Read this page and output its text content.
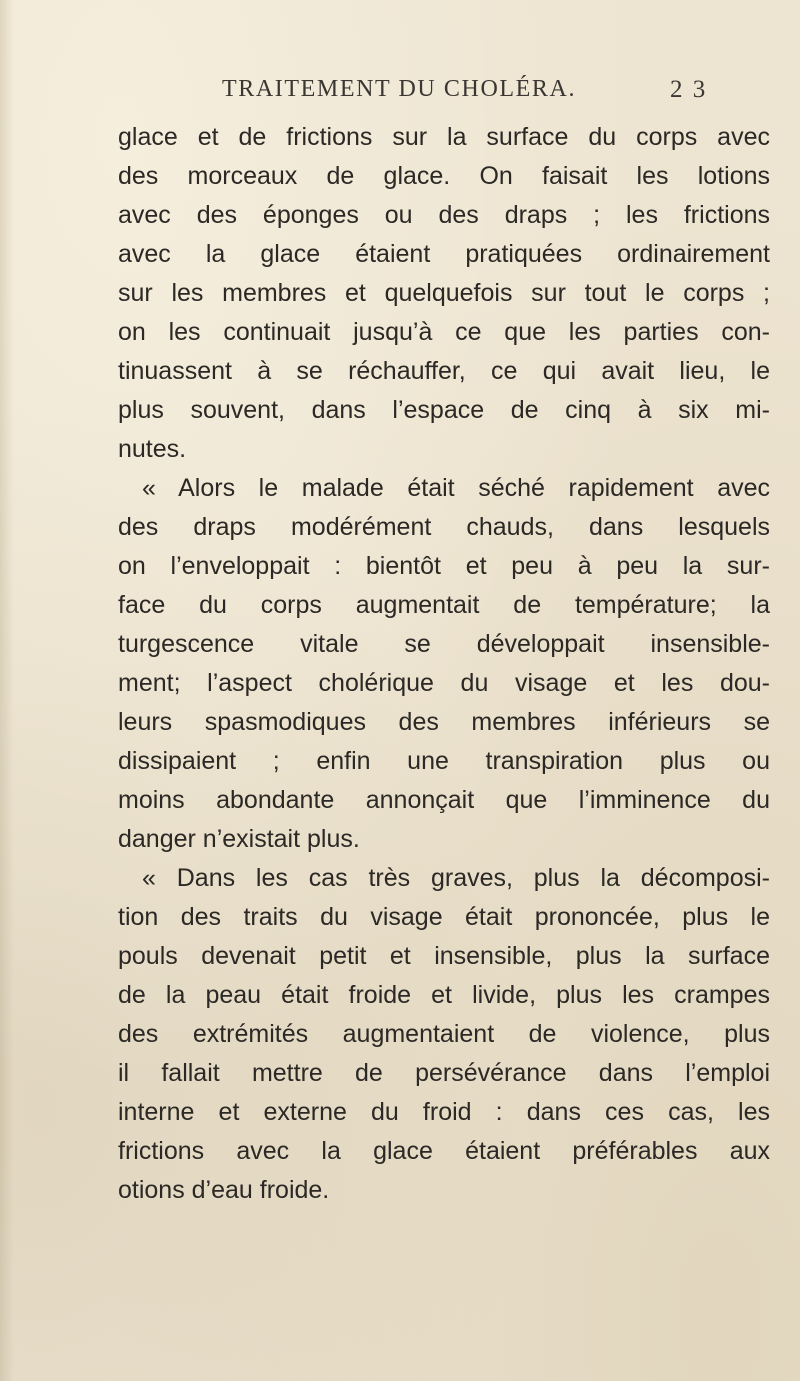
TRAITEMENT DU CHOLÉRA.	2 3
glace et de frictions sur la surface du corps avec
des morceaux de glace. On faisait les lotions
avec des éponges ou des draps ; les frictions
avec la glace étaient pratiquées ordinairement
sur les membres et quelquefois sur tout le corps ;
on les continuait jusqu’à ce que les parties con-
tinuassent à se réchauffer, ce qui avait lieu, le
plus souvent, dans l’espace de cinq à six mi-
nutes.
« Alors le malade était séché rapidement avec
des draps modérément chauds, dans lesquels
on l’enveloppait : bientôt et peu à peu la sur-
face du corps augmentait de température; la
turgescence vitale se développait insensible-
ment; l’aspect cholérique du visage et les dou-
leurs spasmodiques des membres inférieurs se
dissipaient ; enfin une transpiration plus ou
moins abondante annonçait que l’imminence du
danger n’existait plus.
« Dans les cas très graves, plus la décomposi-
tion des traits du visage était prononcée, plus le
pouls devenait petit et insensible, plus la surface
de la peau était froide et livide, plus les crampes
des extrémités augmentaient de violence, plus
il fallait mettre de persévérance dans l’emploi
interne et externe du froid : dans ces cas, les
frictions avec la glace étaient préférables aux
otions d’eau froide.
